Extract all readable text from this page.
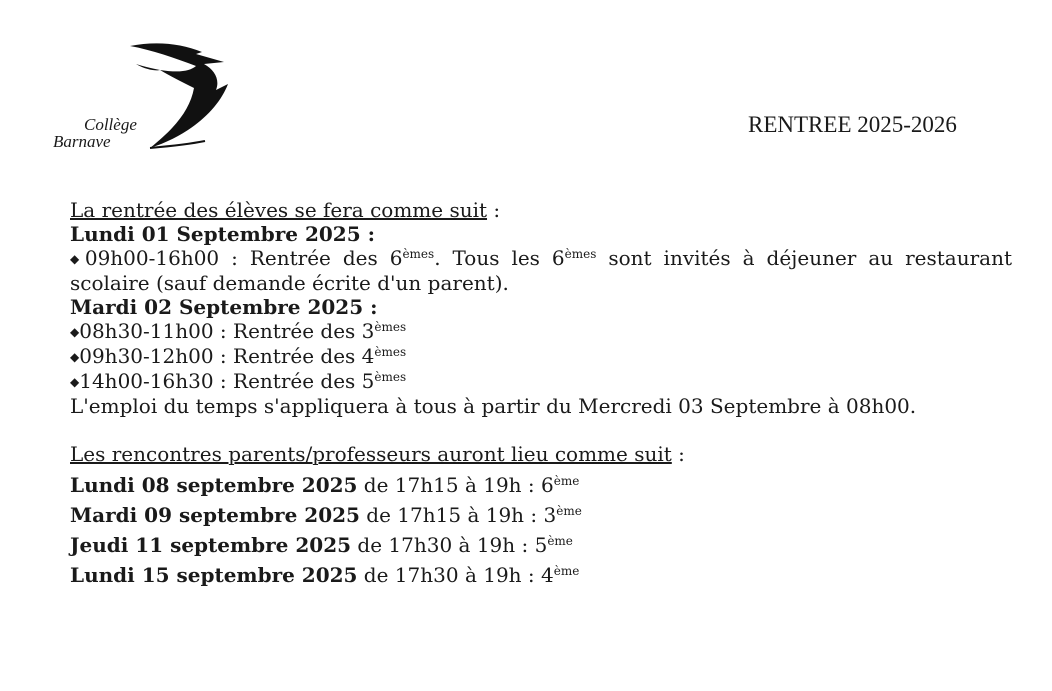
Collège
Barnave
RENTREE 2025-2026
La rentrée des élèves se fera comme suit :
Lundi 01 Septembre 2025 :
◆09h00-16h00 : Rentrée des 6èmes. Tous les 6èmes sont invités à déjeuner au restaurant scolaire (sauf demande écrite d'un parent).
Mardi 02 Septembre 2025 :
◆08h30-11h00 : Rentrée des 3èmes
◆09h30-12h00 : Rentrée des 4èmes
◆14h00-16h30 : Rentrée des 5èmes
L'emploi du temps s'appliquera à tous à partir du Mercredi 03 Septembre à 08h00.
Les rencontres parents/professeurs auront lieu comme suit :
Lundi 08 septembre 2025 de 17h15 à 19h : 6ème
Mardi 09 septembre 2025 de 17h15 à 19h : 3ème
Jeudi 11 septembre 2025 de 17h30 à 19h : 5ème
Lundi 15 septembre 2025 de 17h30 à 19h : 4ème
